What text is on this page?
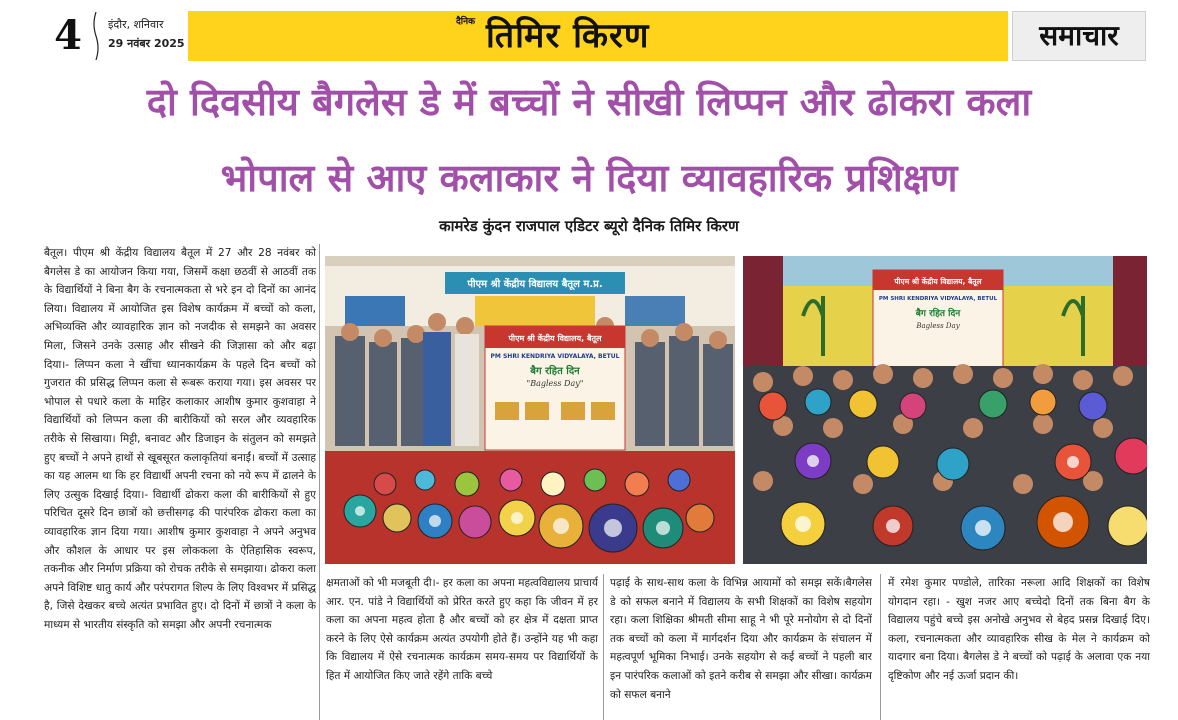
4	इंदौर, शनिवार
29 नवंबर 2025
दैनिक तिमिर किरण	समाचार
दो दिवसीय बैगलेस डे में बच्चों ने सीखी लिप्पन और ढोकरा कला
भोपाल से आए कलाकार ने दिया व्यावहारिक प्रशिक्षण
कामरेड कुंदन राजपाल एडिटर ब्यूरो दैनिक तिमिर किरण
बैतूल। पीएम श्री केंद्रीय विद्यालय बैतूल में 27 और 28 नवंबर को बैगलेस डे का आयोजन किया गया, जिसमें कक्षा छठवीं से आठवीं तक के विद्यार्थियों ने बिना बैग के रचनात्मकता से भरे इन दो दिनों का आनंद लिया। विद्यालय में आयोजित इस विशेष कार्यक्रम में बच्चों को कला, अभिव्यक्ति और व्यावहारिक ज्ञान को नजदीक से समझने का अवसर मिला, जिसने उनके उत्साह और सीखने की जिज्ञासा को और बढ़ा दिया।- लिप्पन कला ने खींचा ध्यानकार्यक्रम के पहले दिन बच्चों को गुजरात की प्रसिद्ध लिप्पन कला से रूबरू कराया गया। इस अवसर पर भोपाल से पधारे कला के माहिर कलाकार आशीष कुमार कुशवाहा ने विद्यार्थियों को लिप्पन कला की बारीकियों को सरल और व्यवहारिक तरीके से सिखाया। मिट्टी, बनावट और डिजाइन के संतुलन को समझते हुए बच्चों ने अपने हाथों से खूबसूरत कलाकृतियां बनाईं। बच्चों में उत्साह का यह आलम था कि हर विद्यार्थी अपनी रचना को नये रूप में ढालने के लिए उत्सुक दिखाई दिया।- विद्यार्थी ढोकरा कला की बारीकियों से हुए परिचित दूसरे दिन छात्रों को छत्तीसगढ़ की पारंपरिक ढोकरा कला का व्यावहारिक ज्ञान दिया गया। आशीष कुमार कुशवाहा ने अपने अनुभव और कौशल के आधार पर इस लोककला के ऐतिहासिक स्वरूप, तकनीक और निर्माण प्रक्रिया को रोचक तरीके से समझाया। ढोकरा कला अपने विशिष्ट धातु कार्य और परंपरागत शिल्प के लिए विश्वभर में प्रसिद्ध है, जिसे देखकर बच्चे अत्यंत प्रभावित हुए। दो दिनों में छात्रों ने कला के माध्यम से भारतीय संस्कृति को समझा और अपनी रचनात्मक
क्षमताओं को भी मजबूती दी।- हर कला का अपना महत्वविद्यालय प्राचार्य आर. एन. पांडे ने विद्यार्थियों को प्रेरित करते हुए कहा कि जीवन में हर कला का अपना महत्व होता है और बच्चों को हर क्षेत्र में दक्षता प्राप्त करने के लिए ऐसे कार्यक्रम अत्यंत उपयोगी होते हैं। उन्होंने यह भी कहा कि विद्यालय में ऐसे रचनात्मक कार्यक्रम समय-समय पर विद्यार्थियों के हित में आयोजित किए जाते रहेंगे ताकि बच्चे
पढ़ाई के साथ-साथ कला के विभिन्न आयामों को समझ सकें।बैगलेस डे को सफल बनाने में विद्यालय के सभी शिक्षकों का विशेष सहयोग रहा। कला शिक्षिका श्रीमती सीमा साहू ने भी पूरे मनोयोग से दो दिनों तक बच्चों को कला में मार्गदर्शन दिया और कार्यक्रम के संचालन में महत्वपूर्ण भूमिका निभाई। उनके सहयोग से कई बच्चों ने पहली बार इन पारंपरिक कलाओं को इतने करीब से समझा और सीखा। कार्यक्रम को सफल बनाने
में रमेश कुमार पण्डोले, तारिका नरूला आदि शिक्षकों का विशेष योगदान रहा। - खुश नजर आए बच्चेदो दिनों तक बिना बैग के विद्यालय पहुंचे बच्चे इस अनोखे अनुभव से बेहद प्रसन्न दिखाई दिए। कला, रचनात्मकता और व्यावहारिक सीख के मेल ने कार्यक्रम को यादगार बना दिया। बैगलेस डे ने बच्चों को पढ़ाई के अलावा एक नया दृष्टिकोण और नई ऊर्जा प्रदान की।
पीएम श्री केंद्रीय विद्यालय बैतूल म.प्र.
पीएम श्री केंद्रीय विद्यालय, बैतूल
PM SHRI KENDRIYA VIDYALAYA, BETUL
बैग रहित दिन
"Bagless Day"
पीएम श्री केंद्रीय विद्यालय, बैतूल
PM SHRI KENDRIYA VIDYALAYA, BETUL
बैग रहित दिन
Bagless Day
